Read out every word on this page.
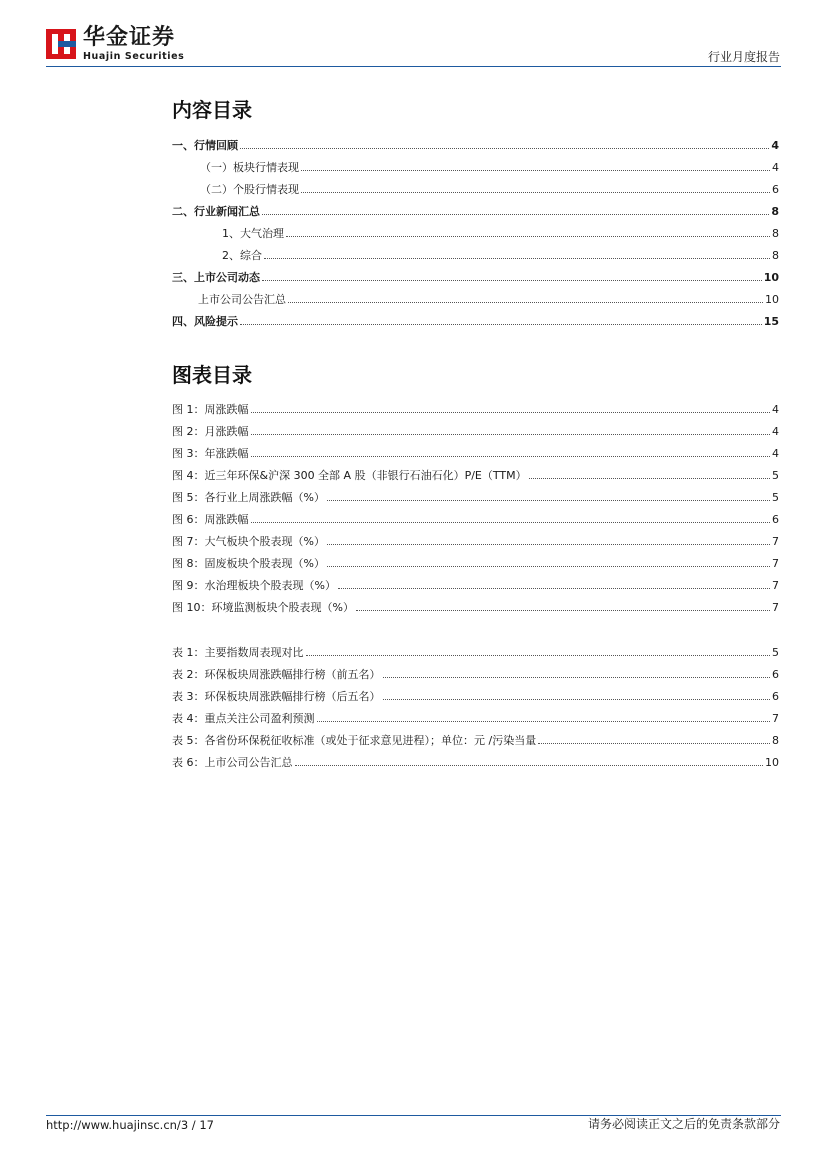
华金证券
Huajin Securities	行业月度报告
内容目录
一、行情回顾	4
（一）板块行情表现	4
（二）个股行情表现	6
二、行业新闻汇总	8
1、大气治理	8
2、综合	8
三、上市公司动态	10
上市公司公告汇总	10
四、风险提示	15
图表目录
图 1：周涨跌幅	4
图 2：月涨跌幅	4
图 3：年涨跌幅	4
图 4：近三年环保&沪深 300 全部 A 股（非银行石油石化）P/E（TTM）	5
图 5：各行业上周涨跌幅（%）	5
图 6：周涨跌幅	6
图 7：大气板块个股表现（%）	7
图 8：固废板块个股表现（%）	7
图 9：水治理板块个股表现（%）	7
图 10：环境监测板块个股表现（%）	7
表 1：主要指数周表现对比	5
表 2：环保板块周涨跌幅排行榜（前五名）	6
表 3：环保板块周涨跌幅排行榜（后五名）	6
表 4：重点关注公司盈利预测	7
表 5：各省份环保税征收标准（或处于征求意见进程）；单位：元 /污染当量	8
表 6：上市公司公告汇总	10
http://www.huajinsc.cn/3 / 17	请务必阅读正文之后的免责条款部分
